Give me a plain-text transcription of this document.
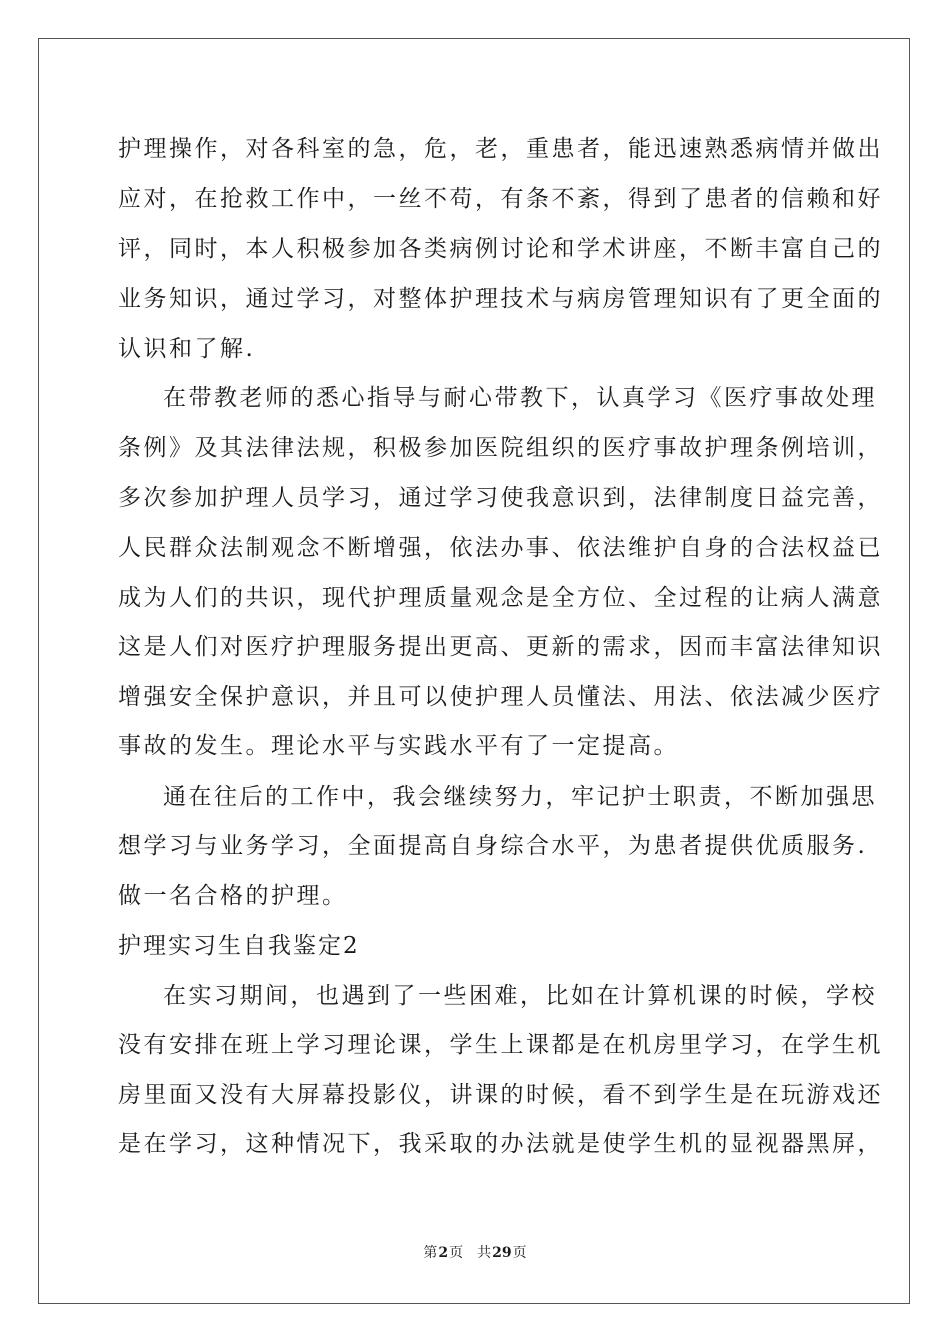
护理操作，对各科室的急，危，老，重患者，能迅速熟悉病情并做出
应对，在抢救工作中，一丝不苟，有条不紊，得到了患者的信赖和好
评，同时，本人积极参加各类病例讨论和学术讲座，不断丰富自己的
业务知识，通过学习，对整体护理技术与病房管理知识有了更全面的
认识和了解.
在带教老师的悉心指导与耐心带教下，认真学习《医疗事故处理
条例》及其法律法规，积极参加医院组织的医疗事故护理条例培训，
多次参加护理人员学习，通过学习使我意识到，法律制度日益完善，
人民群众法制观念不断增强，依法办事、依法维护自身的合法权益已
成为人们的共识，现代护理质量观念是全方位、全过程的让病人满意
这是人们对医疗护理服务提出更高、更新的需求，因而丰富法律知识
增强安全保护意识，并且可以使护理人员懂法、用法、依法减少医疗
事故的发生。理论水平与实践水平有了一定提高。
通在往后的工作中，我会继续努力，牢记护士职责，不断加强思
想学习与业务学习，全面提高自身综合水平，为患者提供优质服务.
做一名合格的护理。
护理实习生自我鉴定2
在实习期间，也遇到了一些困难，比如在计算机课的时候，学校
没有安排在班上学习理论课，学生上课都是在机房里学习，在学生机
房里面又没有大屏幕投影仪，讲课的时候，看不到学生是在玩游戏还
是在学习，这种情况下，我采取的办法就是使学生机的显视器黑屏，
第2页 共29页
